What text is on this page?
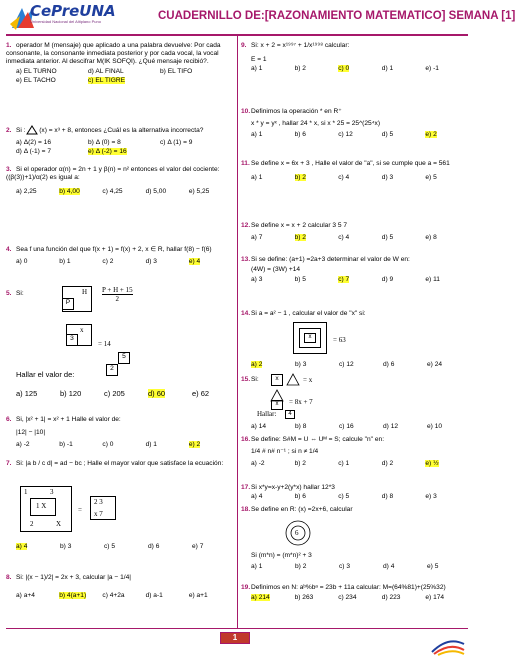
CePreUNA
Universidad Nacional del Altiplano Puno	CUADERNILLO DE:[RAZONAMIENTO MATEMATICO] SEMANA [1]
1. operador M (mensaje) que aplicado a una palabra devuelve: Por cada consonante, la consonante inmediata posterior y por cada vocal, la vocal inmediata anterior. Al descifrar M(IK SOFQI). ¿Qué mensaje recibió?.
a) EL TURNO	d) AL FINAL	b) EL TIFO
e) EL TACHO	c) EL TIGRE
2. Si : (x) = x³ + 8, entonces ¿Cuál es la alternativa incorrecta?
a) Δ(2) = 16	b) Δ (0) = 8	c) Δ (1) = 9
d) Δ (-1) = 7	e) Δ (-2) = 16
3. Si el operador α(n) = 2n + 1 y β(n) = n² entonces el valor del cociente: ((β(3))+1)/α(2) es igual a:
a) 2,25	b) 4,00	c) 4,25	d) 5,00	e) 5,25
4. Sea f una función del que f(x + 1) = f(x) + 2, x ∈ R, hallar f(8) − f(6)
a) 0	b) 1	c) 2	d) 3	e) 4
5. Si:
P
H $\frac{P + H + 15}{2}$
x
3
= 14
5
2
Hallar el valor de:
a) 125	b) 120	c) 205	d) 60	e) 62
6. Si, |x² + 1| = x² + 1 Halle el valor de:
|12| − |10|
a) -2	b) -1	c) 0	d) 1	e) 2
7. Si: |a b / c d| = ad − bc ; Halle el mayor valor que satisface la ecuación:
1	3
1 X
2	X
=
2 3
x 7
a) 4	b) 3	c) 5	d) 6	e) 7
8. Si: |(x − 1)/2| = 2x + 3, calcular |a − 1/4|
a) a+4	b) 4(a+1)	c) 4+2a	d) a-1	e) a+1
9. Si: x + 2 = x¹⁹⁹⁷ + 1/x¹⁹⁹⁸ calcular:
E = 1
a) 1	b) 2	c) 0	d) 1	e) -1
10.Definimos la operación * en R⁺
x * y = yˣ , hallar 24 * x, si x * 25 = 25^(25⁴x)
a) 1	b) 6	c) 12	d) 5	e) 2
11.Se define x = 6x + 3 , Halle el valor de "a", si se cumple que a = 561
a) 1	b) 2	c) 4	d) 3	e) 5
12.Se define x = x + 2 calcular 3 5 7
a) 7	b) 2	c) 4	d) 5	e) 8
13.Si se define: (a+1) =2a+3 determinar el valor de W en:
(4W) = (3W) +14
a) 3	b) 5	c) 7	d) 9	e) 11
14.Si a = a² − 1 , calcular el valor de "x" si:
x	= 63
a) 2	b) 3	c) 12	d) 6	e) 24
15.Si:	x	= x
x	= 8x + 7
Hallar:	4
a) 14	b) 8	c) 16	d) 12	e) 10
16.Se define: S#M = U ⇔ Uᴹ = S; calcule "n" en:
1/4 # n# n⁻¹ ; si n ≠ 1/4
a) -2	b) 2	c) 1	d) 2	e) ½
17.Si x*y=x-y+2(y*x) hallar 12*3
a) 4	b) 6	c) 5	d) 8	e) 3
18.Se define en R: (x) =2x+6, calcular
6
Si (m*n) = (m*n)² + 3
a) 1	b) 2	c) 3	d) 4	e) 5
19.Definimos en N: aᵇ%bᵃ = 23b + 11a calcular: M=(64%81)+(25%32)
a) 214	b) 263	c) 234	d) 223	e) 174
1
